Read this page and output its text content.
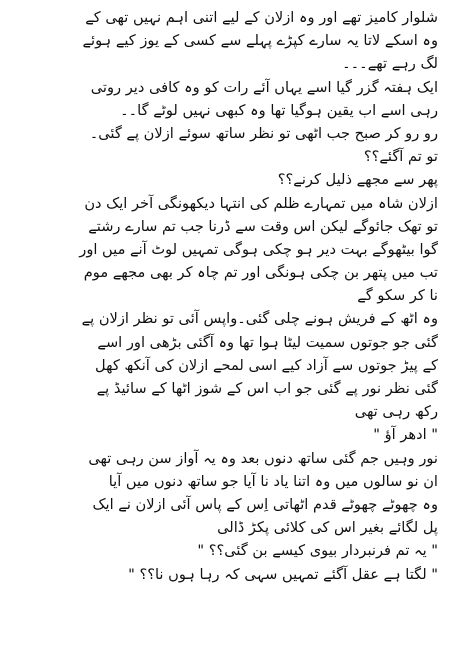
شلوار کامیز تھے اور وہ ازلان کے لیے اتنی اہم نہیں تھی کے
وہ اسکے لاتا یہ سارے کپڑے پہلے سے کسی کے یوز کیے ہوئے
لگ رہے تھے۔۔۔
ایک ہفتہ گزر گیا اسے یہاں آئے رات کو وہ کافی دیر روتی
رہی اسے اب یقین ہوگیا تھا وہ کبھی نہیں لوٹے گا۔۔
رو رو کر صبح جب اٹھی تو نظر ساتھ سوئے ازلان پے گئی۔
تو تم آگئے؟؟
پھر سے مجھے ذلیل کرنے؟؟
ازلان شاہ میں تمہارے ظلم کی انتہا دیکھونگی آخر ایک دن
تو تھک جائوگے لیکن اس وقت سے ڈرنا جب تم سارے رشتے
گوا بیٹھوگے بہت دیر ہو چکی ہوگی تمہیں لوٹ آنے میں اور
تب میں پتھر بن چکی ہونگی اور تم چاہ کر بھی مجھے موم
نا کر سکو گے
وہ اٹھ کے فریش ہونے چلی گئی۔واپس آئی تو نظر ازلان پے
گئی جو جوتوں سمیت لیٹا ہوا تھا وہ آگئی بڑھی اور اسے
کے پیڑ جوتوں سے آزاد کیے اسی لمحے ازلان کی آنکھ کھل
گئی نظر نور پے گئی جو اب اس کے شوز اٹھا کے سائیڈ پے
رکھ رہی تھی
" ادھر آؤ "
نور وہیں جم گئی ساتھ دنوں بعد وہ یہ آواز سن رہی تھی
ان نو سالوں میں وہ اتنا یاد نا آیا جو ساتھ دنوں میں آیا
وہ چھوٹے چھوٹے قدم اٹھاتی اِس کے پاس آئی ازلان نے ایک
پل لگائے بغیر اس کی کلائی پکڑ ڈالی
" یہ تم فرنبردار بیوی کیسے بن گئی؟؟ "
" لگتا ہے عقل آگئے تمہیں سہی کہ رہا ہوں نا؟؟ "
